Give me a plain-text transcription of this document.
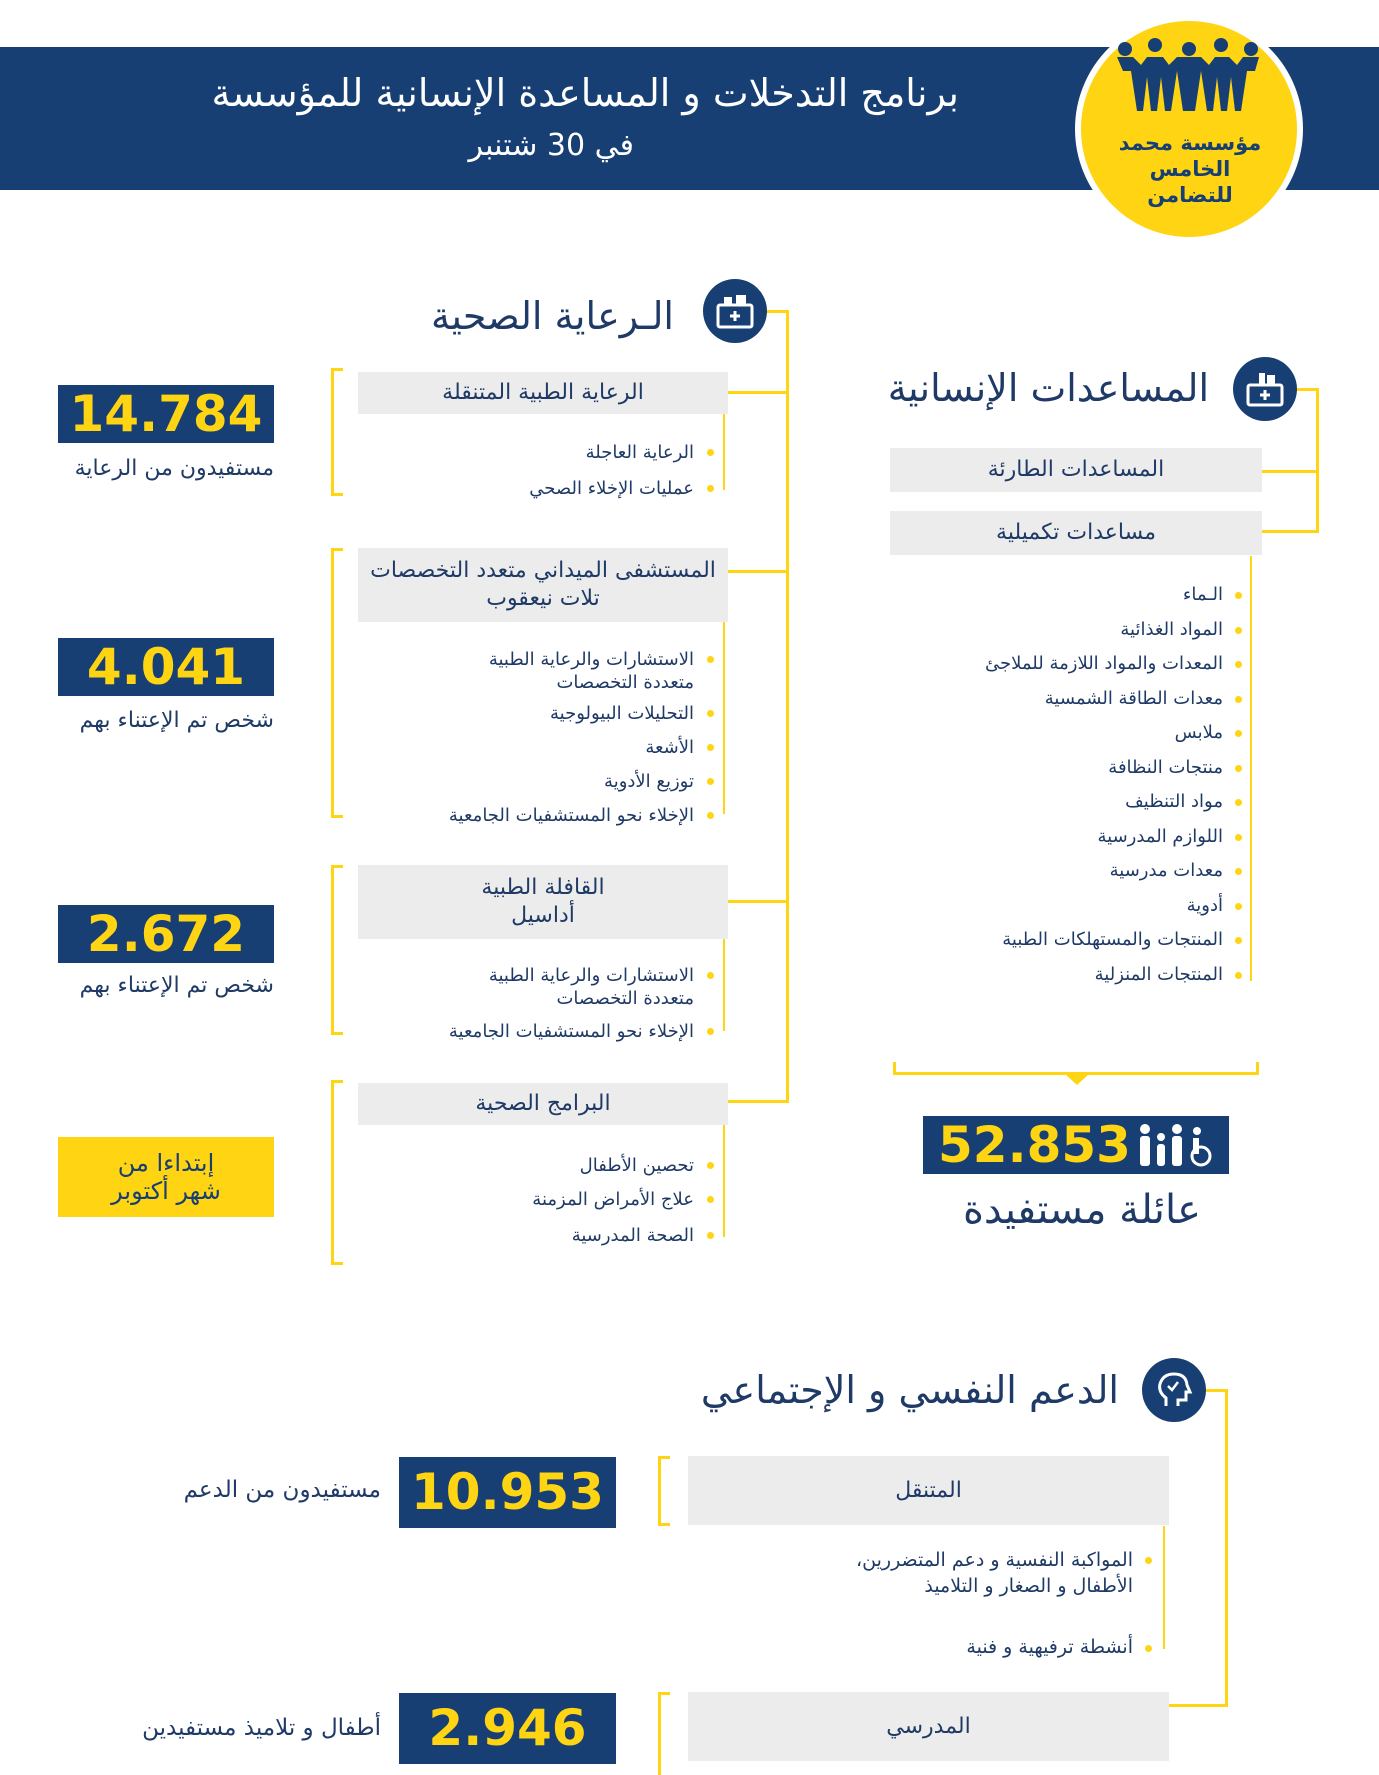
برنامج التدخلات و المساعدة الإنسانية للمؤسسة
في 30 شتنبر	مؤسسة محمد الخامس
للتضامن
الـرعاية الصحية
الرعاية الطبية المتنقلة
الرعاية العاجلة
عمليات الإخلاء الصحي
14.784
مستفيدون من الرعاية
المستشفى الميداني متعدد التخصصات
تلات نيعقوب
الاستشارات والرعاية الطبية
متعددة التخصصات
التحليلات البيولوجية
الأشعة
توزيع الأدوية
الإخلاء نحو المستشفيات الجامعية
4.041
شخص تم الإعتناء بهم
القافلة الطبية
أداسيل
الاستشارات والرعاية الطبية
متعددة التخصصات
الإخلاء نحو المستشفيات الجامعية
2.672
شخص تم الإعتناء بهم
البرامج الصحية
تحصين الأطفال
علاج الأمراض المزمنة
الصحة المدرسية
إبتداءا من
شهر أكتوبر
المساعدات الإنسانية
المساعدات الطارئة
مساعدات تكميلية
الـماء
المواد الغذائية
المعدات والمواد اللازمة للملاجئ
معدات الطاقة الشمسية
ملابس
منتجات النظافة
مواد التنظيف
اللوازم المدرسية
معدات مدرسية
أدوية
المنتجات والمستهلكات الطبية
المنتجات المنزلية
52.853
عائلة مستفيدة
الدعم النفسي و الإجتماعي
المتنقل
المواكبة النفسية و دعم المتضررين،
الأطفال و الصغار و التلاميذ
أنشطة ترفيهية و فنية
10.953
مستفيدون من الدعم
المدرسي
2.946
أطفال و تلاميذ مستفيدين
